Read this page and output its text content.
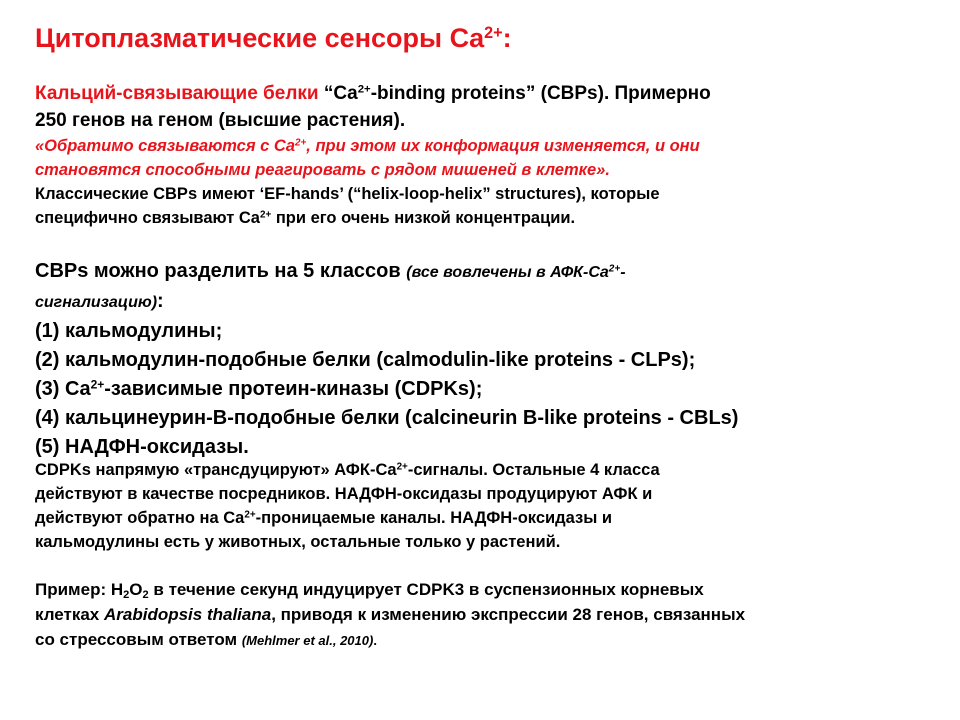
Цитоплазматические сенсоры $Ca^{2+}$:
Кальций-связывающие белки “$Ca^{2+}$-binding proteins” (CBPs). Примерно
250 генов на геном (высшие растения).
«Обратимо связываются с $Ca^{2+}$, при этом их конформация изменяется, и они
становятся способными реагировать с рядом мишеней в клетке».
Классические CBPs имеют ‘EF-hands’ (“helix-loop-helix” structures), которые
специфично связывают $Ca^{2+}$ при его очень низкой концентрации.
CBPs можно разделить на 5 классов (все вовлечены в АФК-$Ca^{2+}-$
сигнализацию):
(1) кальмодулины;
(2) кальмодулин-подобные белки (calmodulin-like proteins - CLPs);
(3) $Ca^{2+}$-зависимые протеин-киназы (CDPKs);
(4) кальцинеурин-B-подобные белки (calcineurin B-like proteins - CBLs)
(5) НАДФН-оксидазы.
CDPKs напрямую «трансдуцируют» АФК-$Ca^{2+}$-сигналы. Остальные 4 класса
действуют в качестве посредников. НАДФН-оксидазы продуцируют АФК и
действуют обратно на $Ca^{2+}$-проницаемые каналы. НАДФН-оксидазы и
кальмодулины есть у животных, остальные только у растений.
Пример: $H_2O_2$ в течение секунд индуцирует CDPK3 в суспензионных корневых
клетках Arabidopsis thaliana, приводя к изменению экспрессии 28 генов, связанных
со стрессовым ответом (Mehlmer et al., 2010).
